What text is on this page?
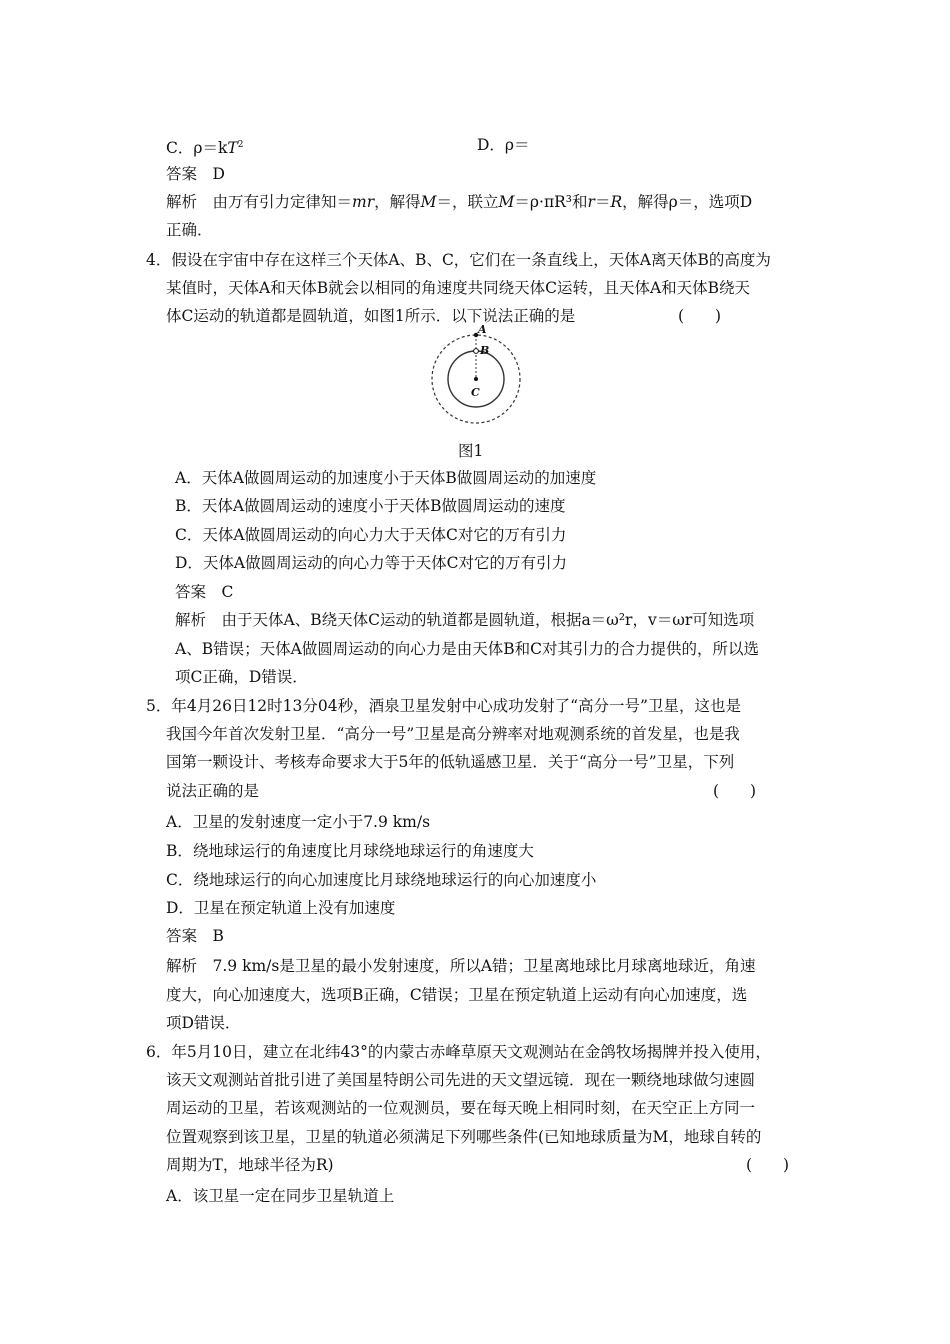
C．$\rho=kT^2$	D．ρ＝
答案　D
解析　由万有引力定律知＝mr，解得M＝，联立M＝ρ·πR³和r＝R，解得ρ＝，选项D
正确．
4．假设在宇宙中存在这样三个天体A、B、C，它们在一条直线上，天体A离天体B的高度为
某值时，天体A和天体B就会以相同的角速度共同绕天体C运转，且天体A和天体B绕天
体C运动的轨道都是圆轨道，如图1所示．以下说法正确的是	(　　)
A
B
C
图1
A．天体A做圆周运动的加速度小于天体B做圆周运动的加速度
B．天体A做圆周运动的速度小于天体B做圆周运动的速度
C．天体A做圆周运动的向心力大于天体C对它的万有引力
D．天体A做圆周运动的向心力等于天体C对它的万有引力
答案　C
解析　由于天体A、B绕天体C运动的轨道都是圆轨道，根据a＝ω²r，v＝ωr可知选项
A、B错误；天体A做圆周运动的向心力是由天体B和C对其引力的合力提供的，所以选
项C正确，D错误．
5．年4月26日12时13分04秒，酒泉卫星发射中心成功发射了“高分一号”卫星，这也是
我国今年首次发射卫星．“高分一号”卫星是高分辨率对地观测系统的首发星，也是我
国第一颗设计、考核寿命要求大于5年的低轨遥感卫星．关于“高分一号”卫星，下列
说法正确的是	(　　)
A．卫星的发射速度一定小于7.9 km/s
B．绕地球运行的角速度比月球绕地球运行的角速度大
C．绕地球运行的向心加速度比月球绕地球运行的向心加速度小
D．卫星在预定轨道上没有加速度
答案　B
解析　7.9 km/s是卫星的最小发射速度，所以A错；卫星离地球比月球离地球近，角速
度大，向心加速度大，选项B正确，C错误；卫星在预定轨道上运动有向心加速度，选
项D错误．
6．年5月10日，建立在北纬43°的内蒙古赤峰草原天文观测站在金鸽牧场揭牌并投入使用，
该天文观测站首批引进了美国星特朗公司先进的天文望远镜．现在一颗绕地球做匀速圆
周运动的卫星，若该观测站的一位观测员，要在每天晚上相同时刻，在天空正上方同一
位置观察到该卫星，卫星的轨道必须满足下列哪些条件(已知地球质量为M，地球自转的
周期为T，地球半径为R)	(　　)
A．该卫星一定在同步卫星轨道上
